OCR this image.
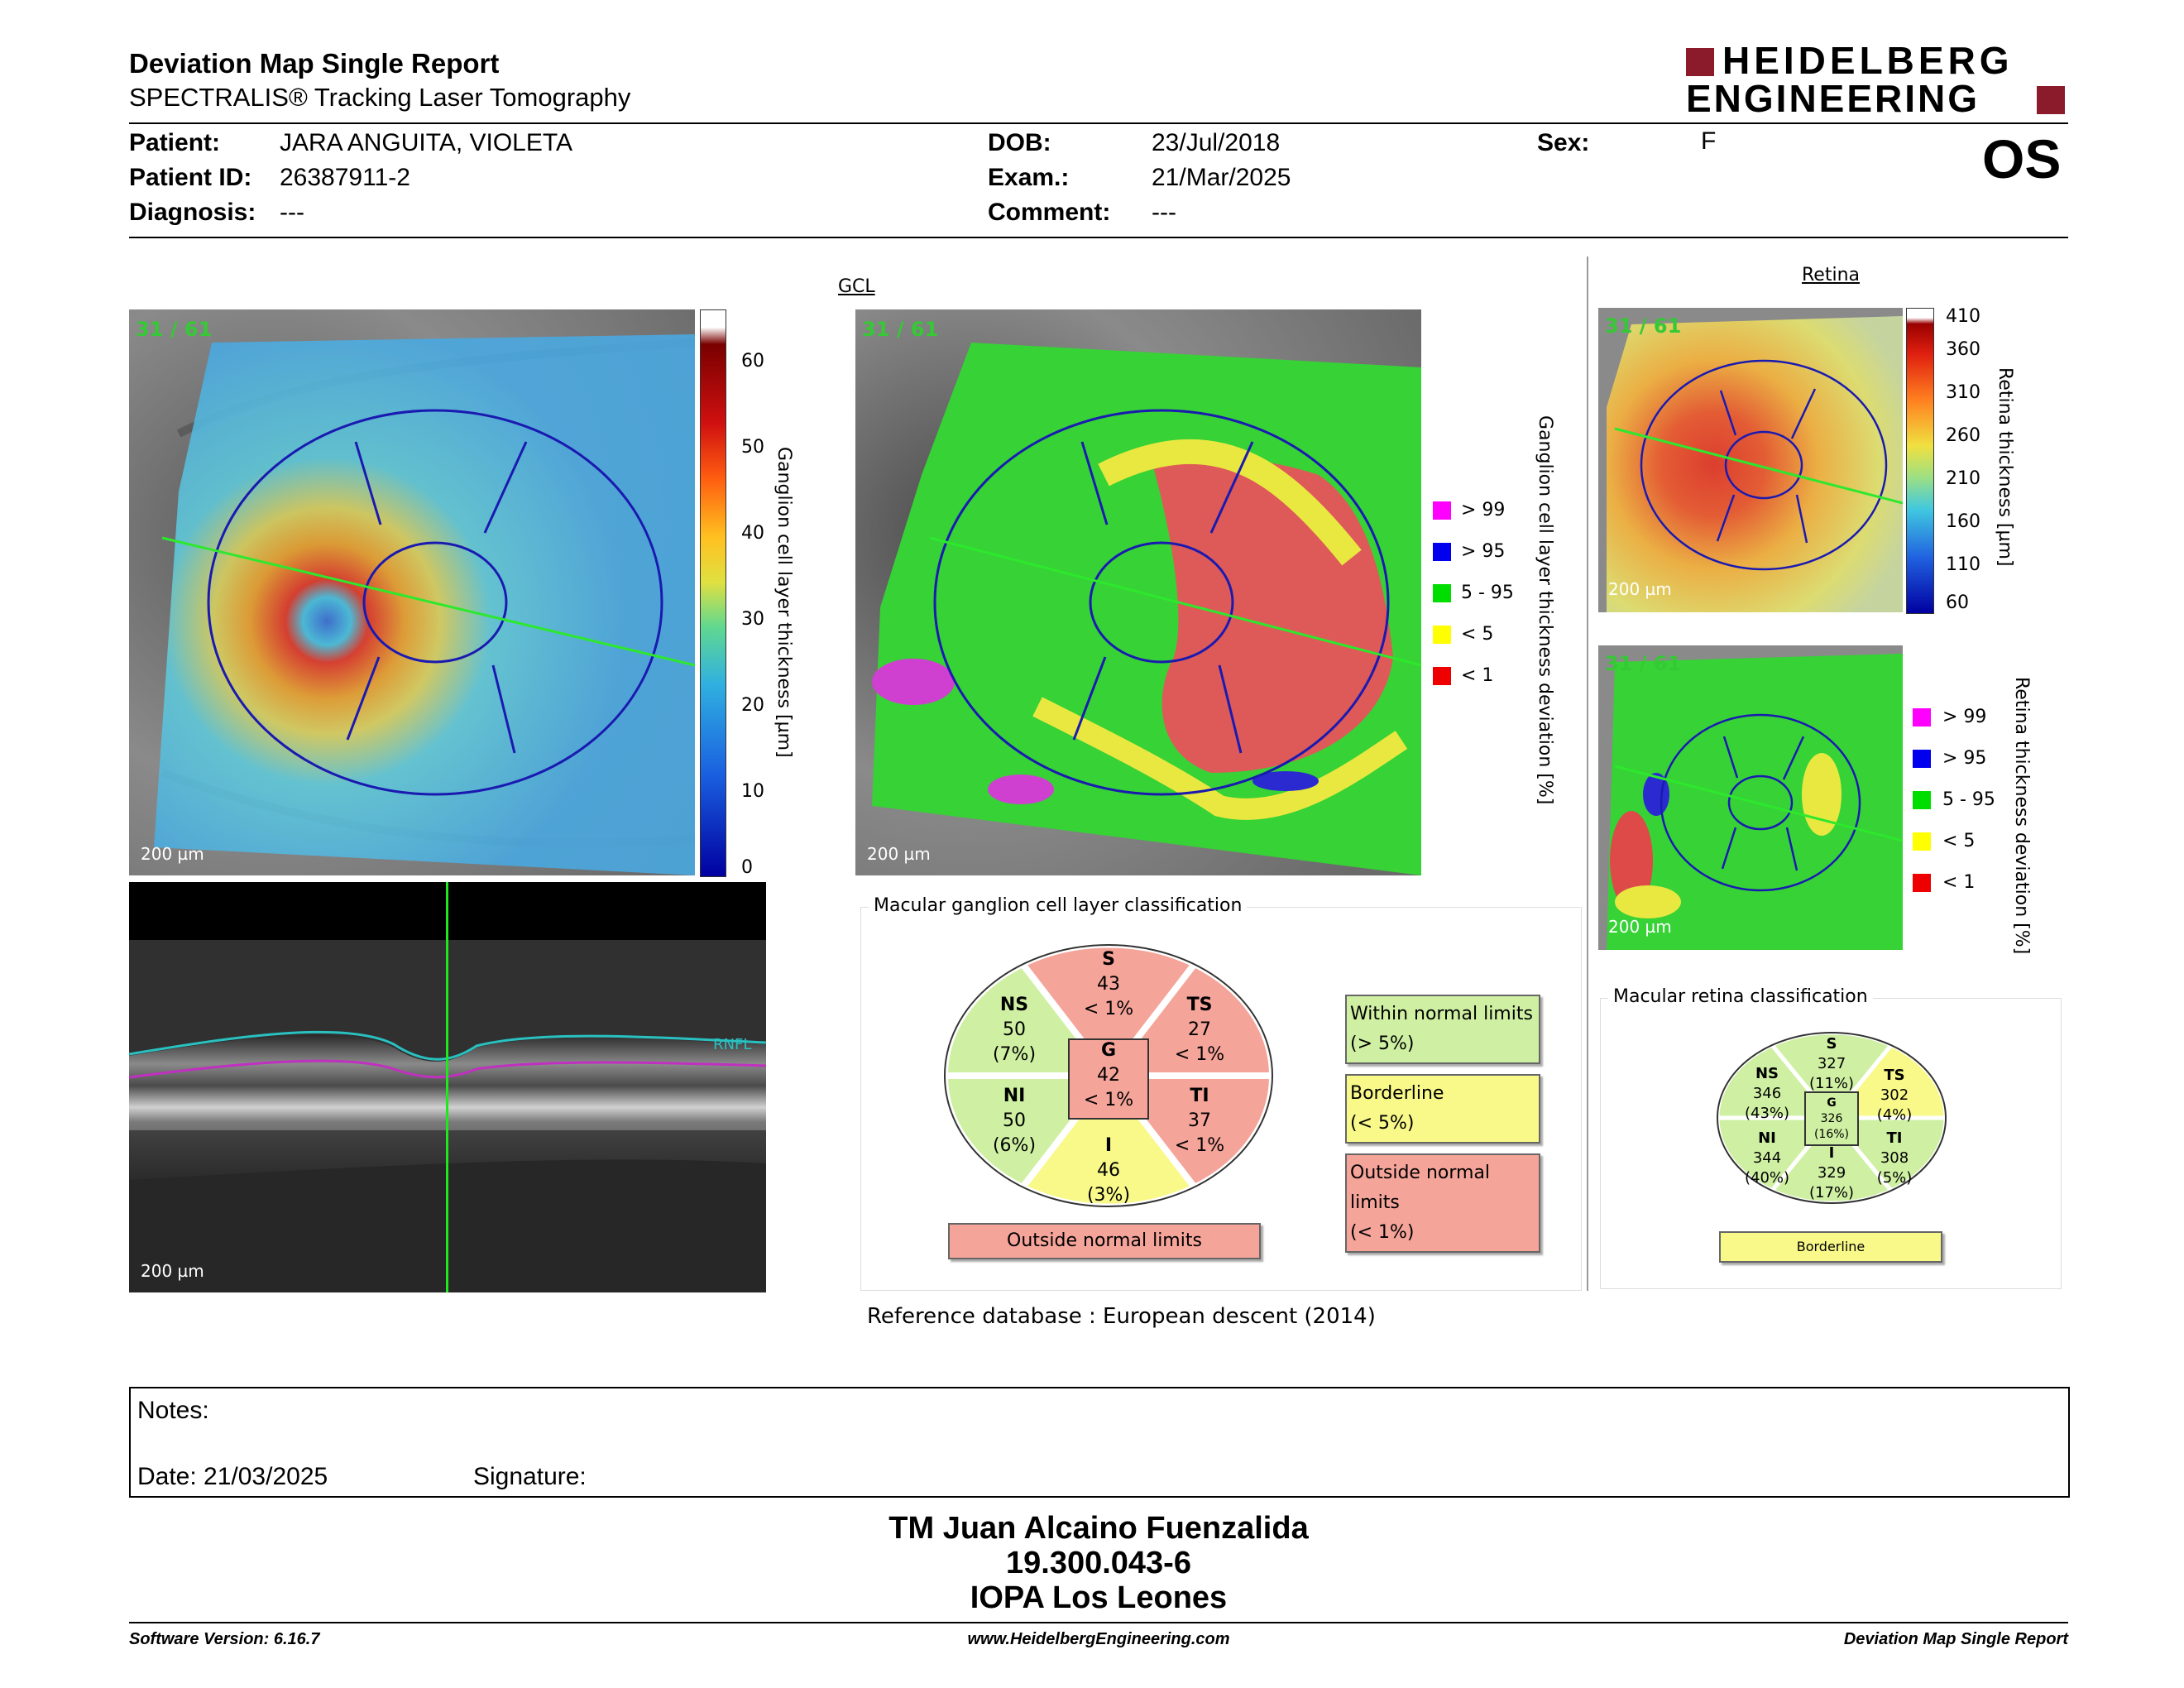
Deviation Map Single Report
SPECTRALIS® Tracking Laser Tomography
HEIDELBERG
ENGINEERING
Patient: JARA ANGUITA, VIOLETA
Patient ID: 26387911-2
Diagnosis: ---
DOB:	23/Jul/2018
Exam.:	21/Mar/2025
Comment: ---
Sex:	F	OS
31 / 61
200 µm
60
50
40
30
20
10
0
Ganglion cell layer thickness [µm]
RNFL
200 µm
GCL
31 / 61
200 µm
> 99
> 95
5 - 95
< 5
< 1 Ganglion cell layer thickness deviation [%]
Macular ganglion cell layer classification
S
43
< 1%	TS
27
< 1%
TI
37
< 1%
I
46
(3%)
NI
50
(6%)
NS
50
(7%)	G
42
< 1%
Outside normal limits
Within normal limits
(> 5%)
Borderline
(< 5%)
Outside normal limits
(< 1%)
Reference database : European descent (2014)
Retina
31 / 61
200 µm
410
360
310
260
210
160
110
60
Retina thickness [µm]
31 / 61
200 µm
> 99
> 95
5 - 95
< 5
< 1 Retina thickness deviation [%]
Macular retina classification
S
327
(11%)	TS
302
(4%)
TI
308
(5%)
I
329
(17%)
NI
344
(40%)
NS
346
(43%)
G
326
(16%)
Borderline
Notes:
Date: 21/03/2025	Signature:
TM Juan Alcaino Fuenzalida
19.300.043-6
IOPA Los Leones
Software Version: 6.16.7	www.HeidelbergEngineering.com	Deviation Map Single Report
